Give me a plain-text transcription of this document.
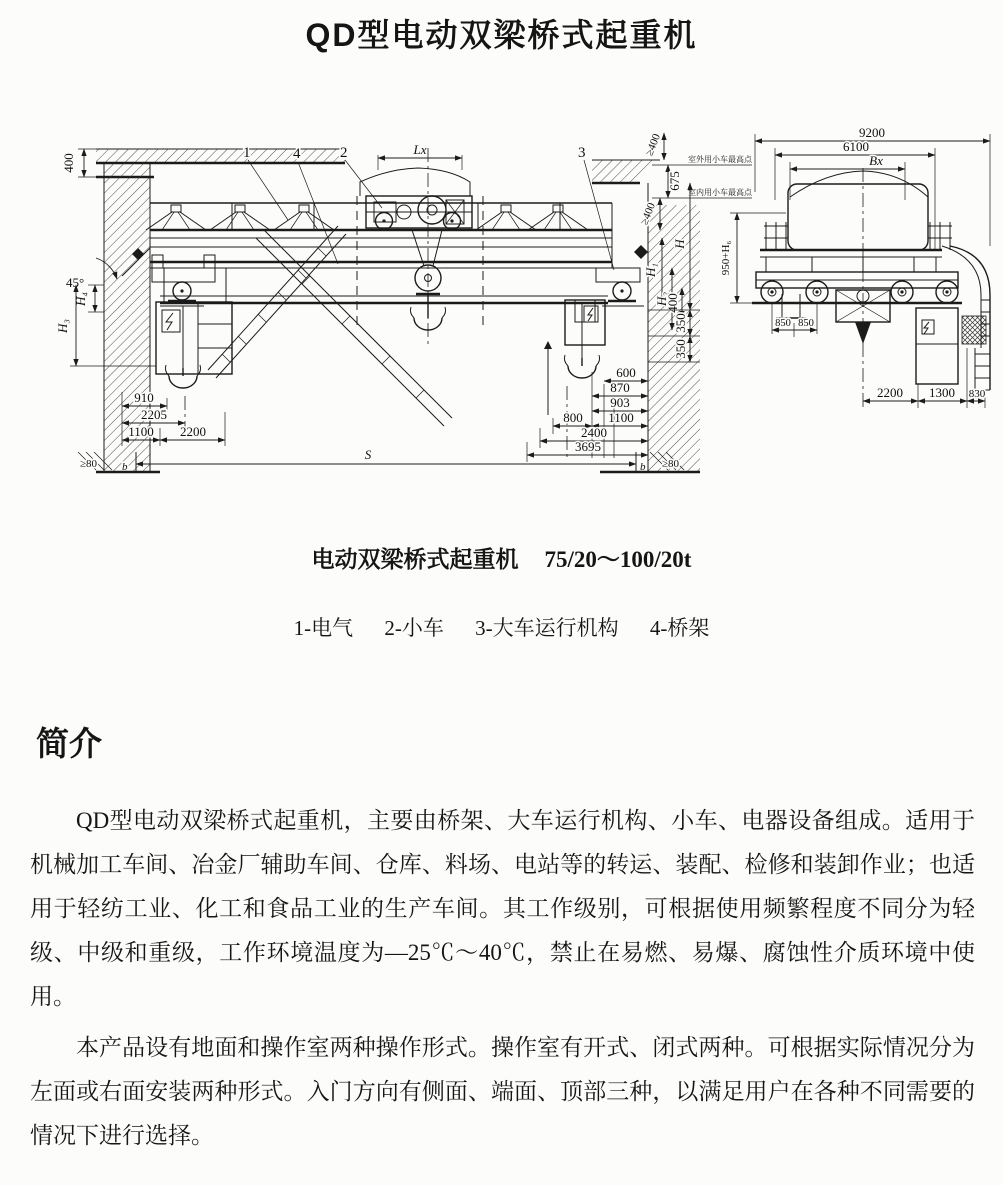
QD型电动双梁桥式起重机
400
45°
Lx
室外用小车最高点
室内用小车最高点
≥400
675
≥400
H
H₁
H₂
400
350
350
600
870
903
800 1100
2400
3695
910
2205
1100 2200
H₄
H₃
S
≥80 b	b ≥80
1	4	2	3
9200
6100
Bx
950+H₆
850 850
2200 1300 830

电动双梁桥式起重机 75/20～100/20t

1-电气 2-小车 3-大车运行机构 4-桥架

简介

QD型电动双梁桥式起重机，主要由桥架、大车运行机构、小车、电器设备组成。适用于机械加工车间、冶金厂辅助车间、仓库、料场、电站等的转运、装配、检修和装卸作业；也适用于轻纺工业、化工和食品工业的生产车间。其工作级别，可根据使用频繁程度不同分为轻级、中级和重级，工作环境温度为—25℃～40℃，禁止在易燃、易爆、腐蚀性介质环境中使用。

本产品设有地面和操作室两种操作形式。操作室有开式、闭式两种。可根据实际情况分为左面或右面安装两种形式。入门方向有侧面、端面、顶部三种，以满足用户在各种不同需要的情况下进行选择。
